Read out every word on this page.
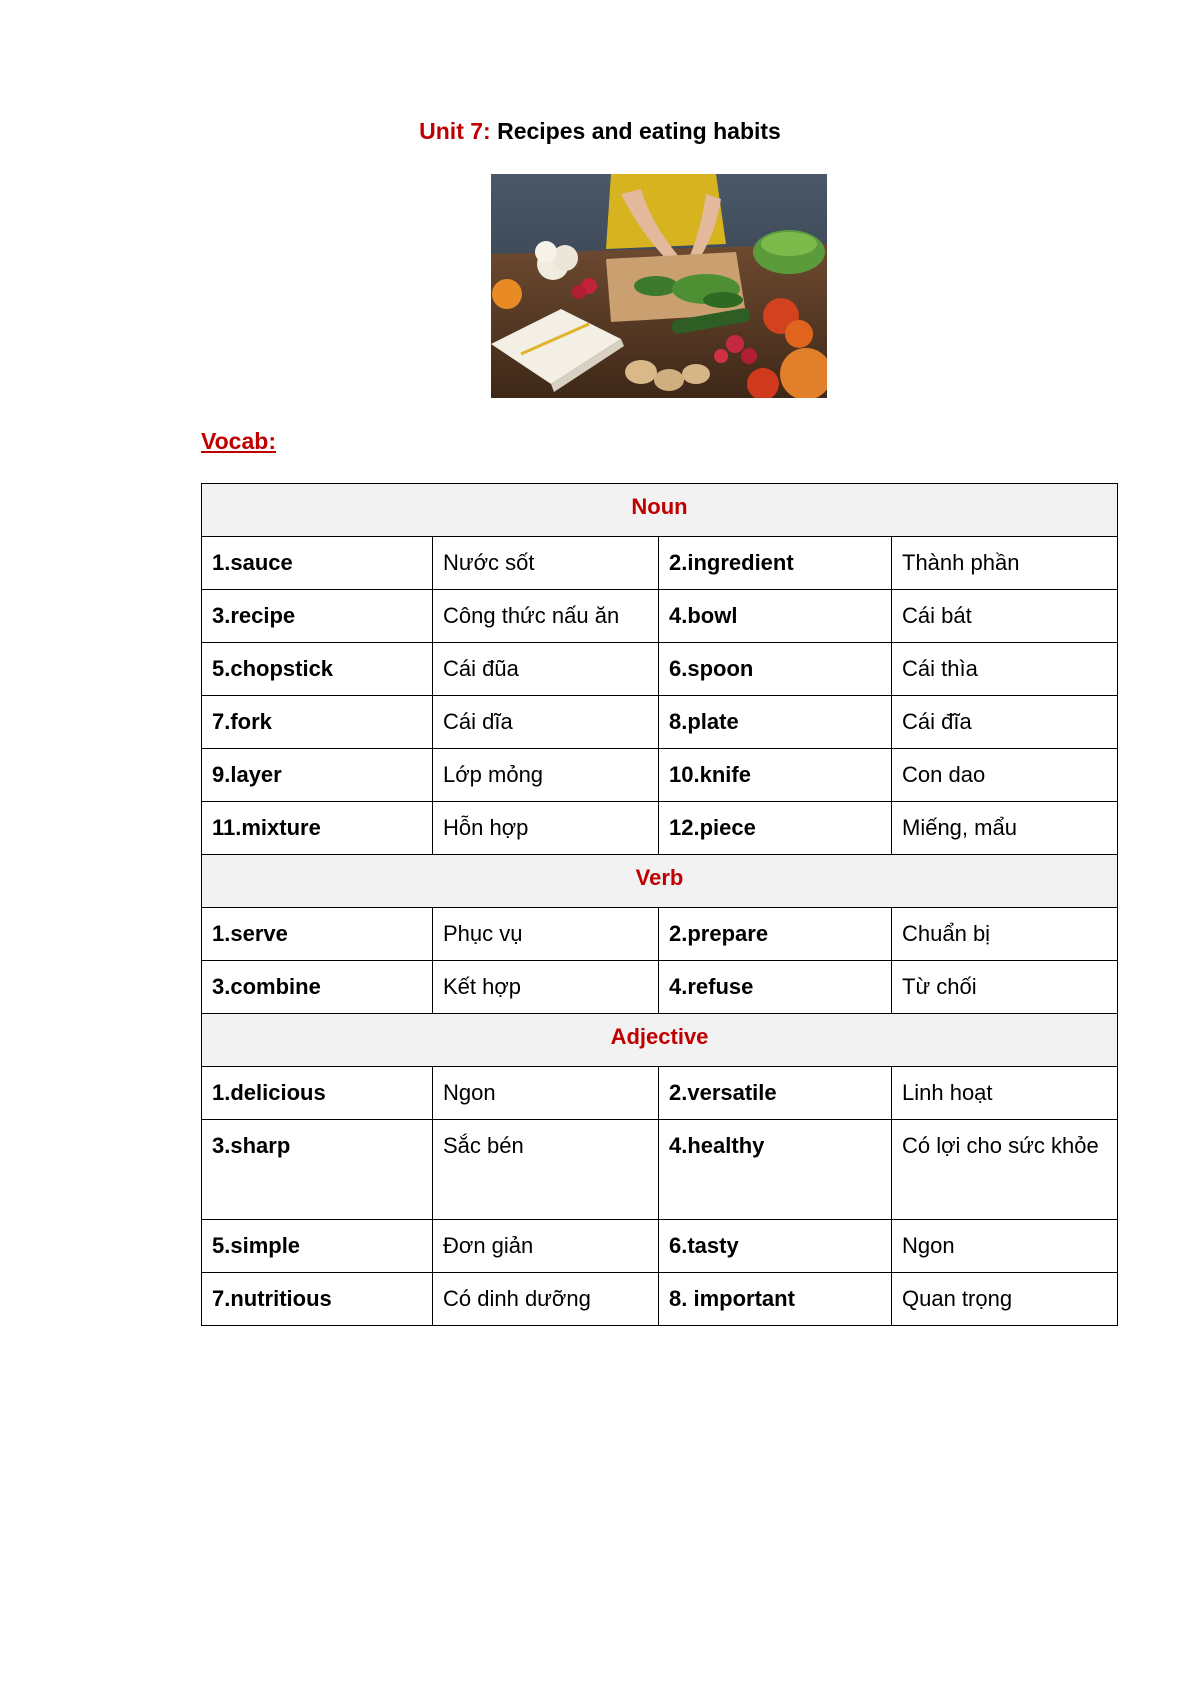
Unit 7: Recipes and eating habits
Vocab:
Noun			
1.sauce	Nước sốt	2.ingredient	Thành phần
3.recipe	Công thức nấu ăn	4.bowl	Cái bát
5.chopstick	Cái đũa	6.spoon	Cái thìa
7.fork	Cái dĩa	8.plate	Cái đĩa
9.layer	Lớp mỏng	10.knife	Con dao
11.mixture	Hỗn hợp	12.piece	Miếng, mẩu
Verb			
1.serve	Phục vụ	2.prepare	Chuẩn bị
3.combine	Kết hợp	4.refuse	Từ chối
Adjective			
1.delicious	Ngon	2.versatile	Linh hoạt
3.sharp	Sắc bén	4.healthy	Có lợi cho sức khỏe
5.simple	Đơn giản	6.tasty	Ngon
7.nutritious	Có dinh dưỡng	8. important	Quan trọng
